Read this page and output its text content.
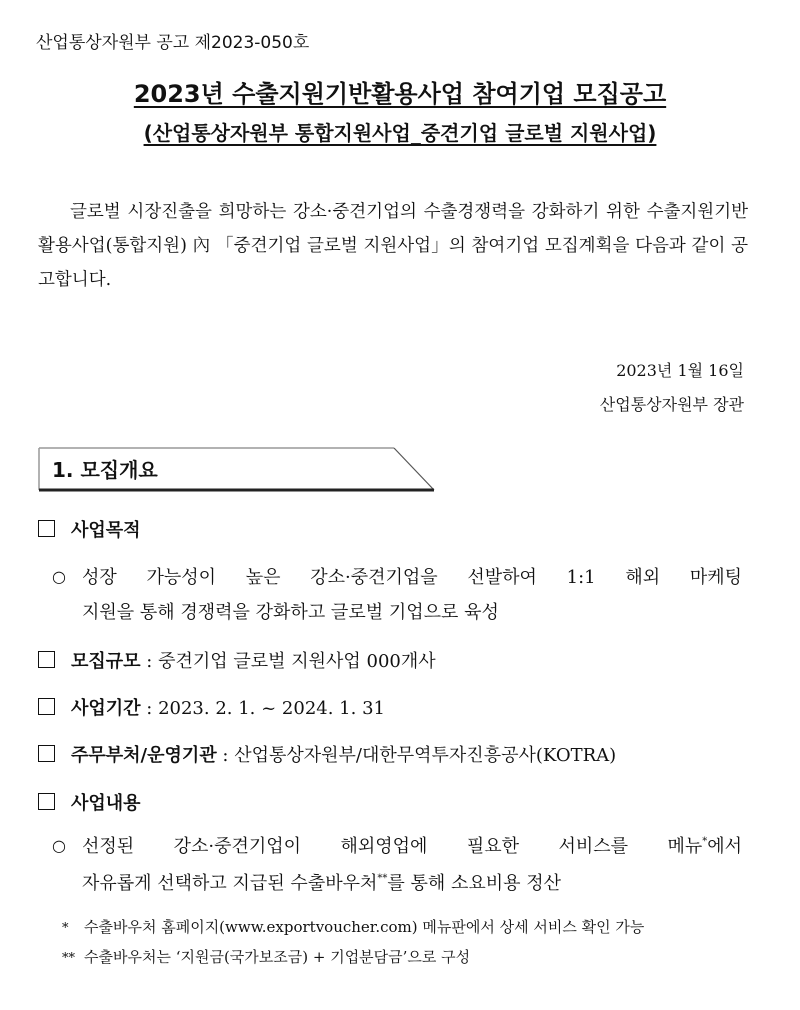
산업통상자원부 공고 제2023-050호
2023년 수출지원기반활용사업 참여기업 모집공고
(산업통상자원부 통합지원사업_중견기업 글로벌 지원사업)
글로벌 시장진출을 희망하는 강소·중견기업의 수출경쟁력을 강화하기 위한 수출지원기반활용사업(통합지원) 內 「중견기업 글로벌 지원사업」의 참여기업 모집계획을 다음과 같이 공고합니다.
2023년 1월 16일
산업통상자원부 장관
1. 모집개요
사업목적
○ 성장 가능성이 높은 강소·중견기업을 선발하여 1:1 해외 마케팅
지원을 통해 경쟁력을 강화하고 글로벌 기업으로 육성
모집규모 : 중견기업 글로벌 지원사업 000개사
사업기간 : 2023. 2. 1. ~ 2024. 1. 31
주무부처/운영기관 : 산업통상자원부/대한무역투자진흥공사(KOTRA)
사업내용
○ 선정된 강소·중견기업이 해외영업에 필요한 서비스를 메뉴*에서
자유롭게 선택하고 지급된 수출바우처**를 통해 소요비용 정산
* 수출바우처 홈페이지(www.exportvoucher.com) 메뉴판에서 상세 서비스 확인 가능
** 수출바우처는 ‘지원금(국가보조금) + 기업분담금’으로 구성
